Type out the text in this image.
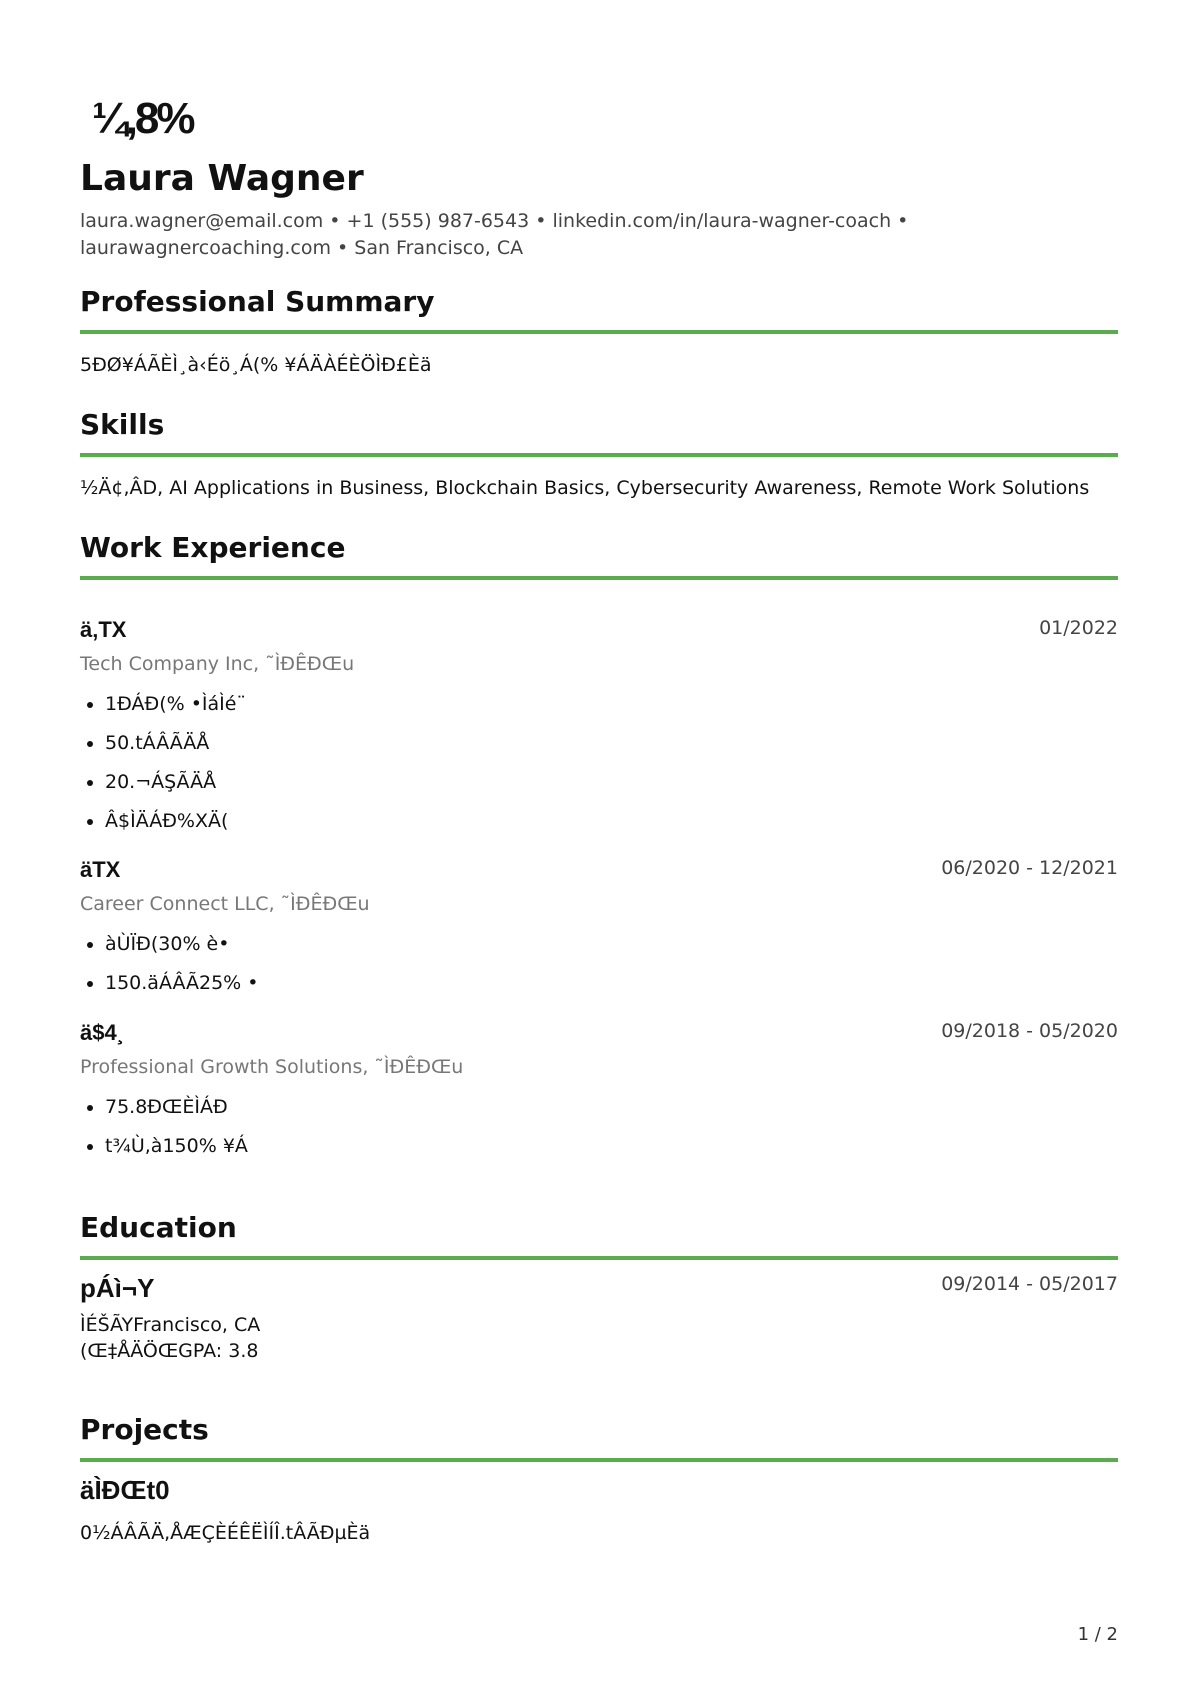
¼‚8%
Laura Wagner
laura.wagner@email.com • +1 (555) 987-6543 • linkedin.com/in/laura-wagner-coach • laurawagnercoaching.com • San Francisco, CA
Professional Summary
5ĐØ¥ÁÃÈÌ¸à‹Éö¸Á(% ¥ÁÄÀÉÈÖÌÐ£Èä
Skills
½Ä¢,ÂD, AI Applications in Business, Blockchain Basics, Cybersecurity Awareness, Remote Work Solutions
Work Experience
ä‚TX	01/2022
Tech Company Inc, ˜ÌĐÊÐŒu
• 1ĐÁĐ(% •ÌáÌé¨
• 50.tÁÂÃÄÅ
• 20.¬ÁŞÃÄÅ
• Â$ÌÄÁĐ%XÄ(
äTX	06/2020 - 12/2021
Career Connect LLC, ˜ÌĐÊÐŒu
• àÙÏĐ(30% è•
• 150.äÁÂÃ25% •
ä$4¸	09/2018 - 05/2020
Professional Growth Solutions, ˜ÌĐÊÐŒu
• 75.8ĐŒÈÌÁĐ
• t¾Ù,à150% ¥Á
Education
pÁì¬Y	09/2014 - 05/2017
ÌÉŠÃYFrancisco, CA
(Œ‡ÅÄÖŒGPA: 3.8
Projects
äÌĐŒt0
0½ÁÂÃÄ,ÅÆÇÈÉÊËÌÍÎ.tÂÃÐµÈä
1 / 2
